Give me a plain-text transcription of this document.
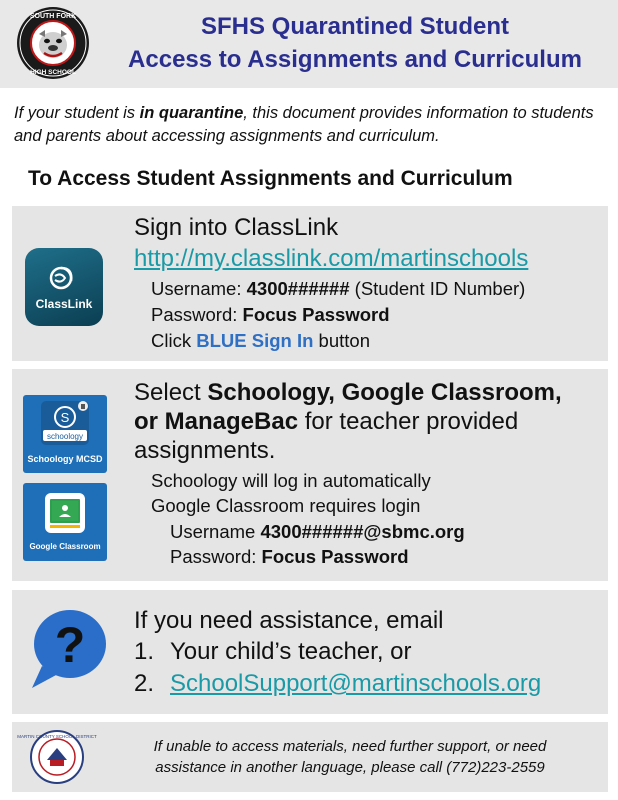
SOUTH FORK
HIGH SCHOOL
SFHS Quarantined Student
Access to Assignments and Curriculum
If your student is in quarantine, this document provides information to students and parents about accessing assignments and curriculum.
To Access Student Assignments and Curriculum
ClassLink
Sign into ClassLink
http://my.classlink.com/martinschools
Username: 4300###### (Student ID Number)
Password: Focus Password
Click BLUE Sign In button
S
schoology
Schoology MCSD
Google Classroom
Select Schoology, Google Classroom,
or ManageBac for teacher provided
assignments.
Schoology will log in automatically
Google Classroom requires login
Username 4300######@sbmc.org
Password: Focus Password
? If you need assistance, email
1. Your child’s teacher, or
2. SchoolSupport@martinschools.org
MARTIN COUNTY SCHOOL DISTRICT
If unable to access materials, need further support, or need
assistance in another language, please call (772)223-2559
